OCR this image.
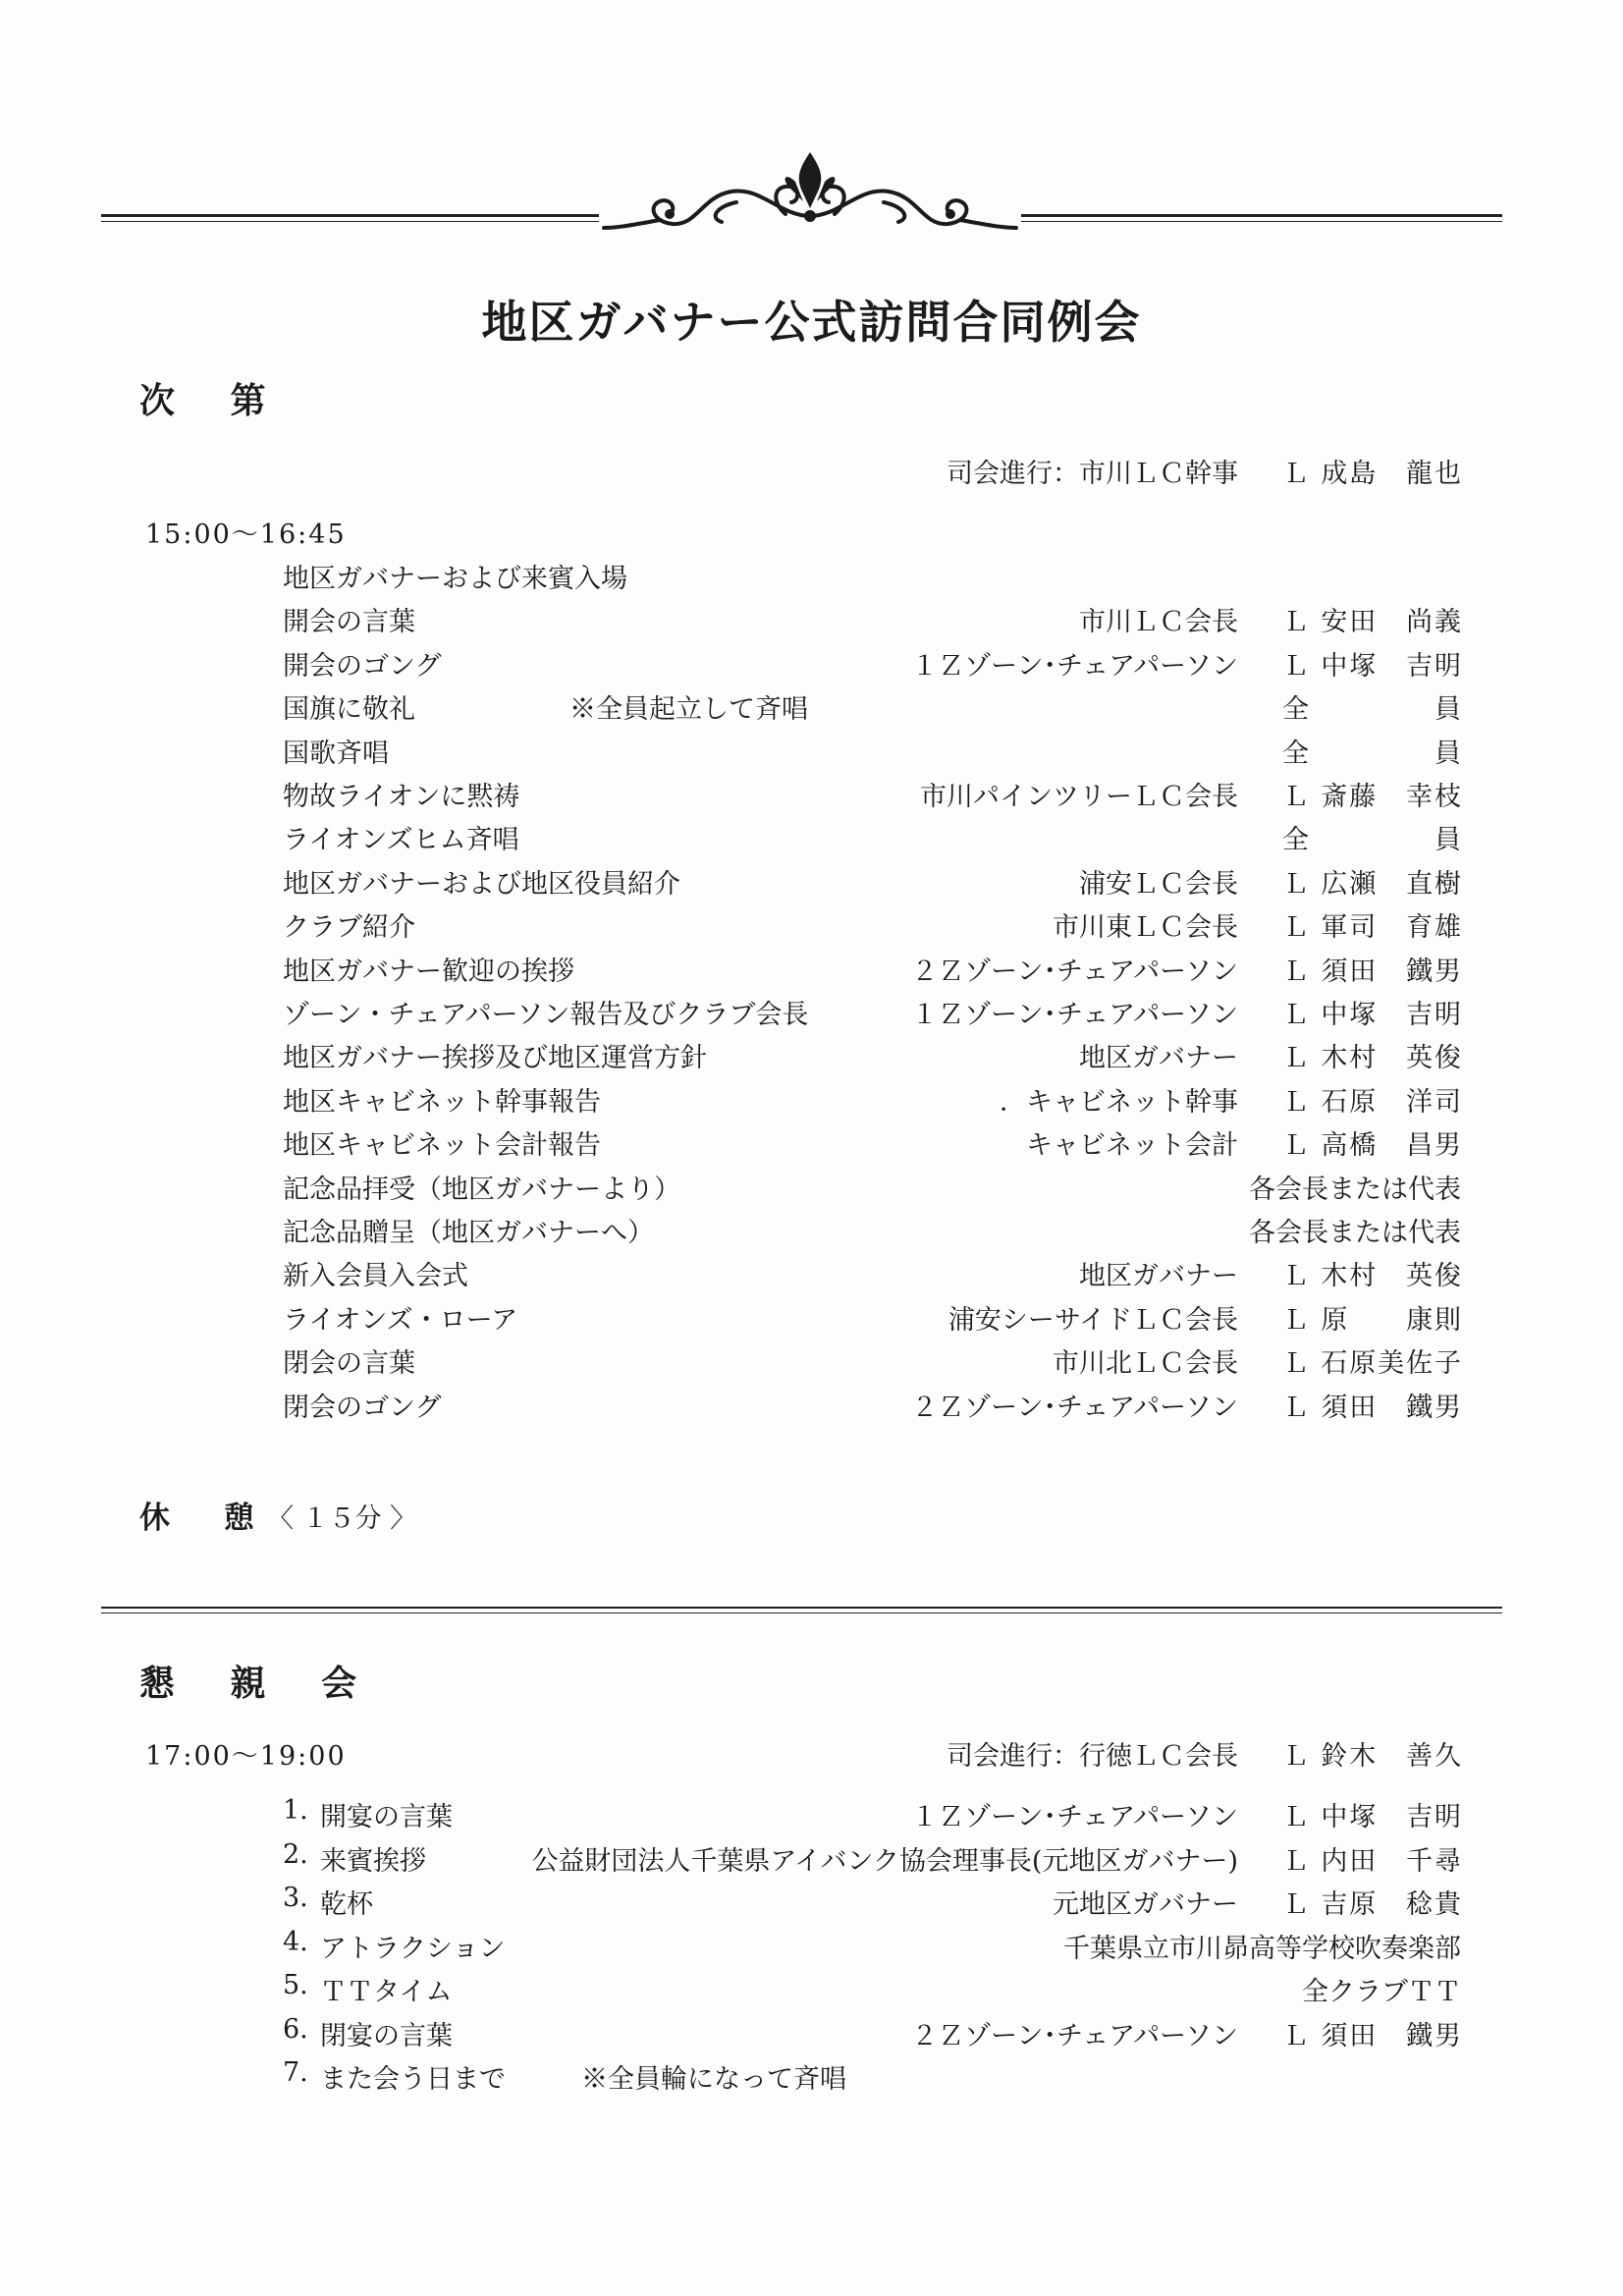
地区ガバナー公式訪問合同例会
次 第
司会進行：市川ＬＣ幹事 Ｌ 成島　龍也
15:00～16:45
地区ガバナーおよび来賓入場
開会の言葉	市川ＬＣ会長 Ｌ 安田　尚義
開会のゴング	１Ｚゾーン･チェアパーソン Ｌ 中塚　吉明
国旗に敬礼	※全員起立して斉唱	全　員
国歌斉唱	全　員
物故ライオンに黙祷	市川パインツリーＬＣ会長 Ｌ 斎藤　幸枝
ライオンズヒム斉唱	全　員
地区ガバナーおよび地区役員紹介	浦安ＬＣ会長 Ｌ 広瀬　直樹
クラブ紹介	市川東ＬＣ会長 Ｌ 軍司　育雄
地区ガバナー歓迎の挨拶	２Ｚゾーン･チェアパーソン Ｌ 須田　鐵男
ゾーン・チェアパーソン報告及びクラブ会長	１Ｚゾーン･チェアパーソン Ｌ 中塚　吉明
地区ガバナー挨拶及び地区運営方針	地区ガバナー Ｌ 木村　英俊
地区キャビネット幹事報告	．キャビネット幹事 Ｌ 石原　洋司
地区キャビネット会計報告	キャビネット会計 Ｌ 高橋　昌男
記念品拝受（地区ガバナーより）	各会長または代表
記念品贈呈（地区ガバナーへ）	各会長または代表
新入会員入会式	地区ガバナー Ｌ 木村　英俊
ライオンズ・ローア	浦安シーサイドＬＣ会長 Ｌ 原　　康則
閉会の言葉	市川北ＬＣ会長 Ｌ 石原美佐子
閉会のゴング	２Ｚゾーン･チェアパーソン Ｌ 須田　鐵男
休 憩
〈 １５分 〉
懇 親 会
17:00～19:00	司会進行：行徳ＬＣ会長 Ｌ 鈴木　善久
1. 開宴の言葉	１Ｚゾーン･チェアパーソン Ｌ 中塚　吉明
2. 来賓挨拶	公益財団法人千葉県アイバンク協会理事長(元地区ガバナー) Ｌ 内田　千尋
3. 乾杯	元地区ガバナー Ｌ 吉原　稔貴
4. アトラクション	千葉県立市川昴高等学校吹奏楽部
5. ＴＴタイム	全クラブＴＴ
6. 閉宴の言葉	２Ｚゾーン･チェアパーソン Ｌ 須田　鐵男
7. また会う日まで	※全員輪になって斉唱
